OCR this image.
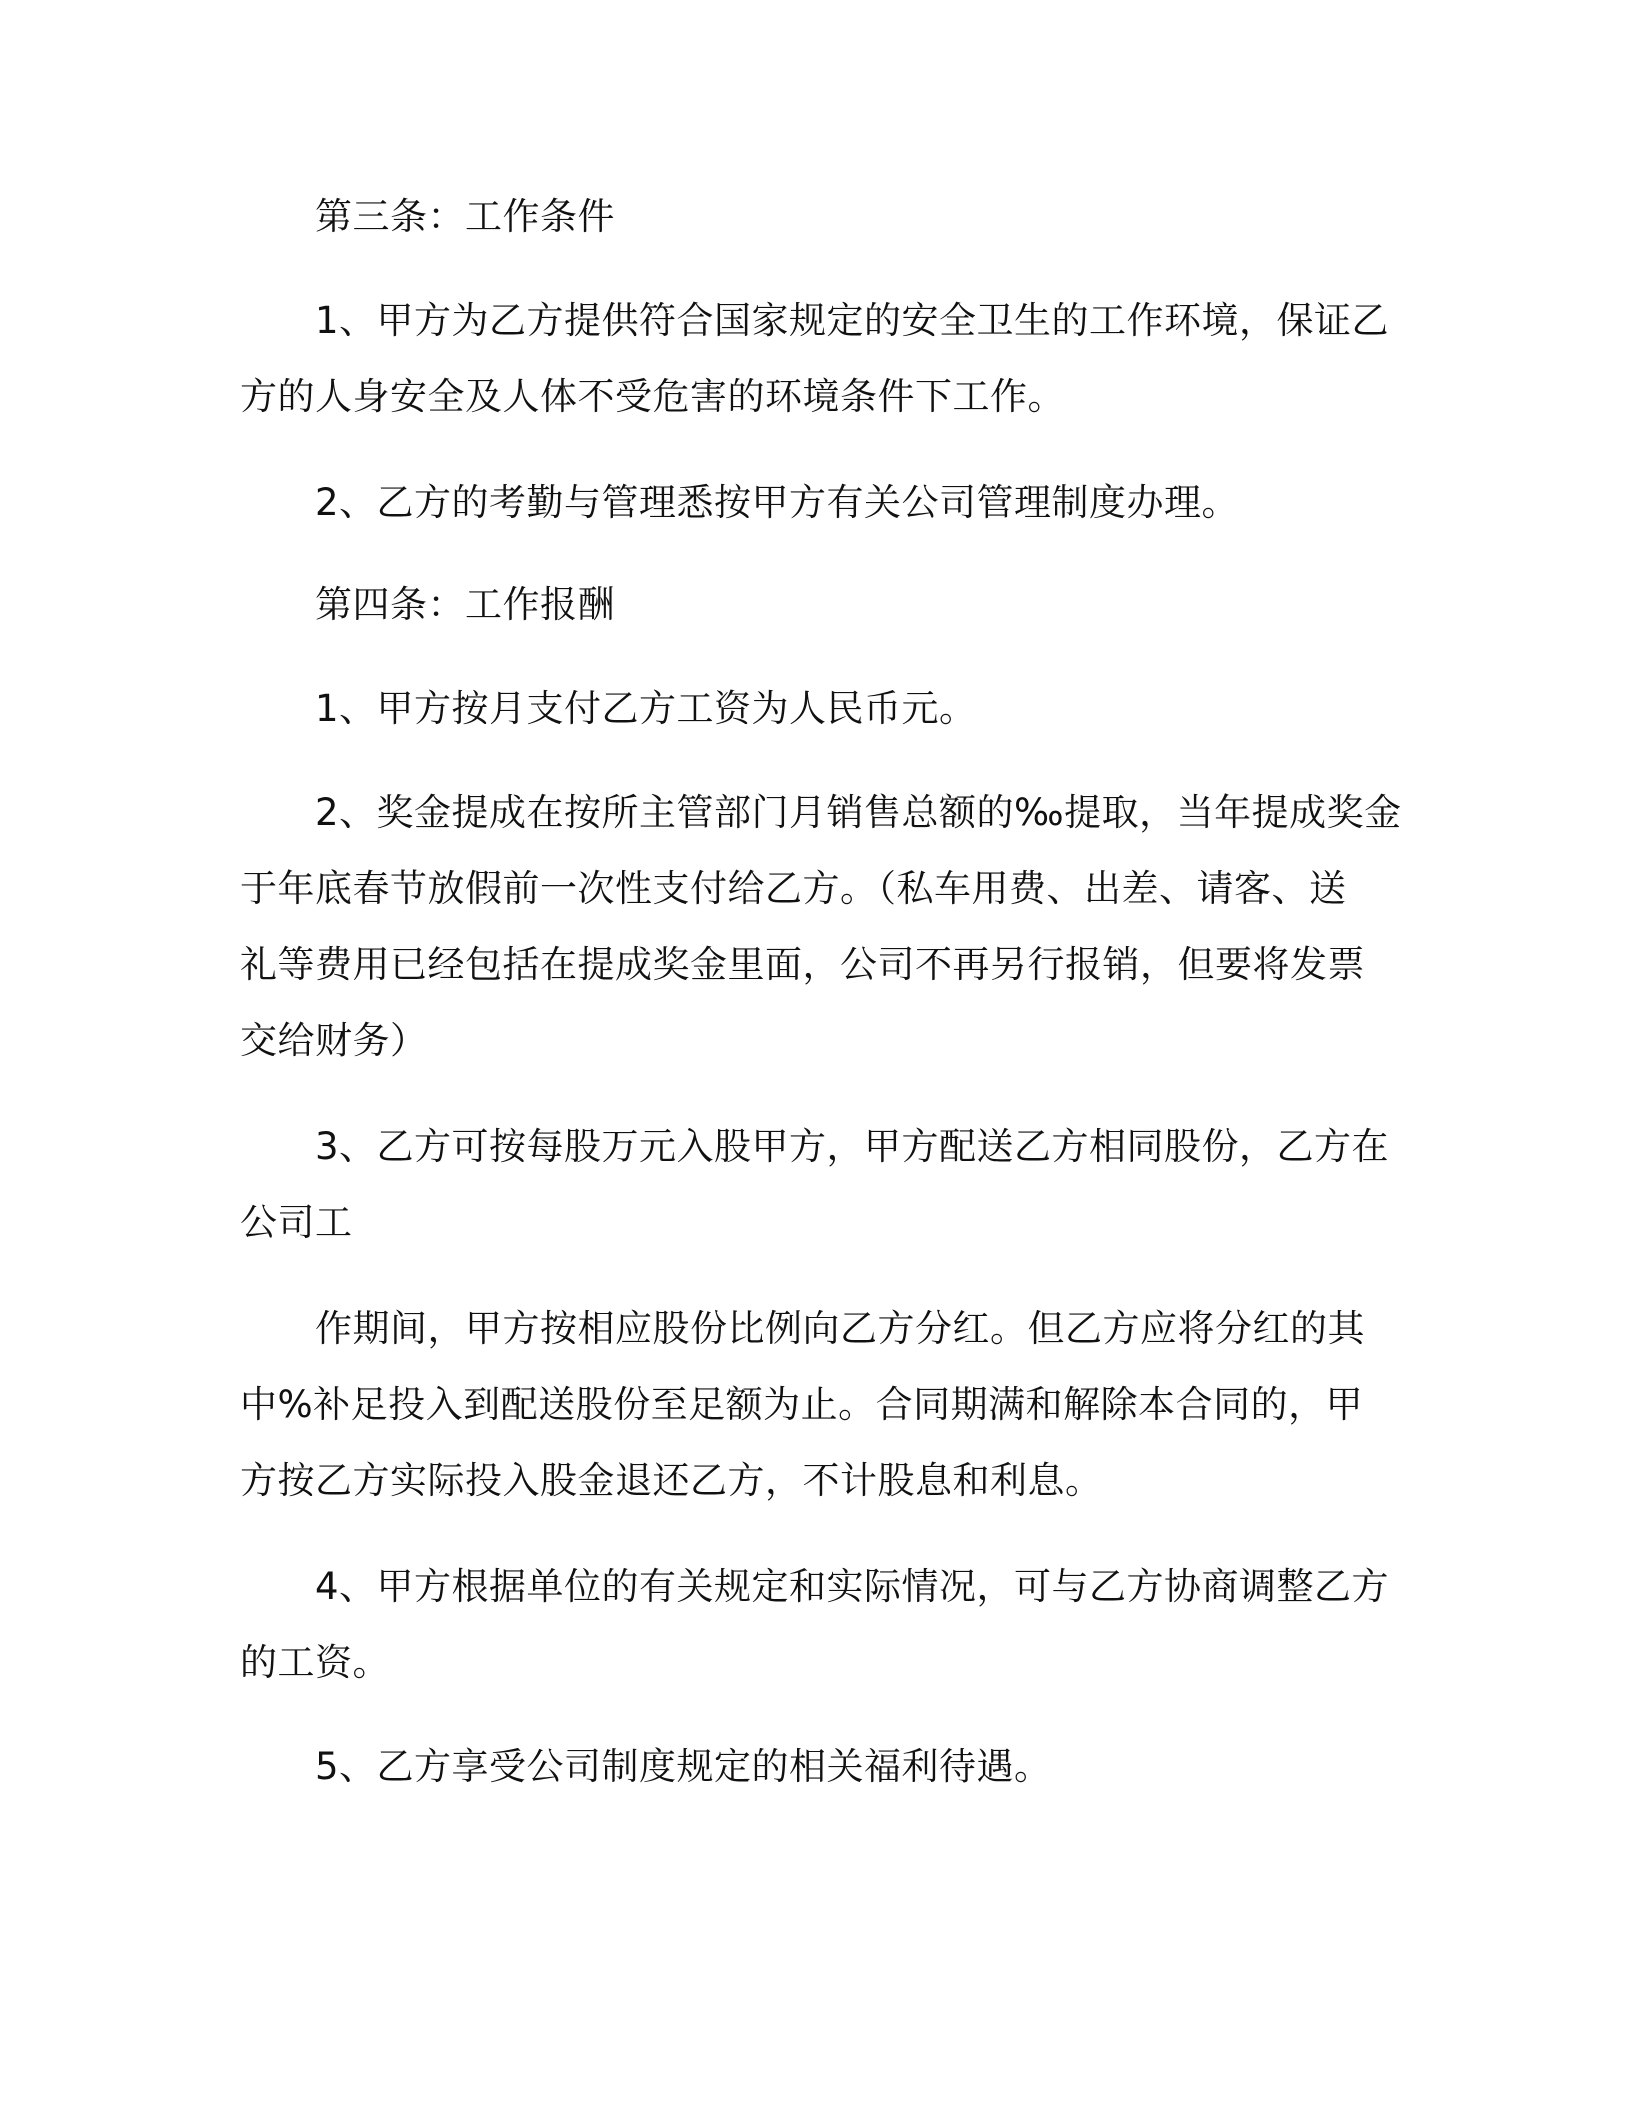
第三条：工作条件
1、甲方为乙方提供符合国家规定的安全卫生的工作环境，保证乙
方的人身安全及人体不受危害的环境条件下工作。
2、乙方的考勤与管理悉按甲方有关公司管理制度办理。
第四条：工作报酬
1、甲方按月支付乙方工资为人民币元。
2、奖金提成在按所主管部门月销售总额的‰提取，当年提成奖金
于年底春节放假前一次性支付给乙方。（私车用费、出差、请客、送
礼等费用已经包括在提成奖金里面，公司不再另行报销，但要将发票
交给财务）
3、乙方可按每股万元入股甲方，甲方配送乙方相同股份，乙方在
公司工
作期间，甲方按相应股份比例向乙方分红。但乙方应将分红的其
中%补足投入到配送股份至足额为止。合同期满和解除本合同的，甲
方按乙方实际投入股金退还乙方，不计股息和利息。
4、甲方根据单位的有关规定和实际情况，可与乙方协商调整乙方
的工资。
5、乙方享受公司制度规定的相关福利待遇。
